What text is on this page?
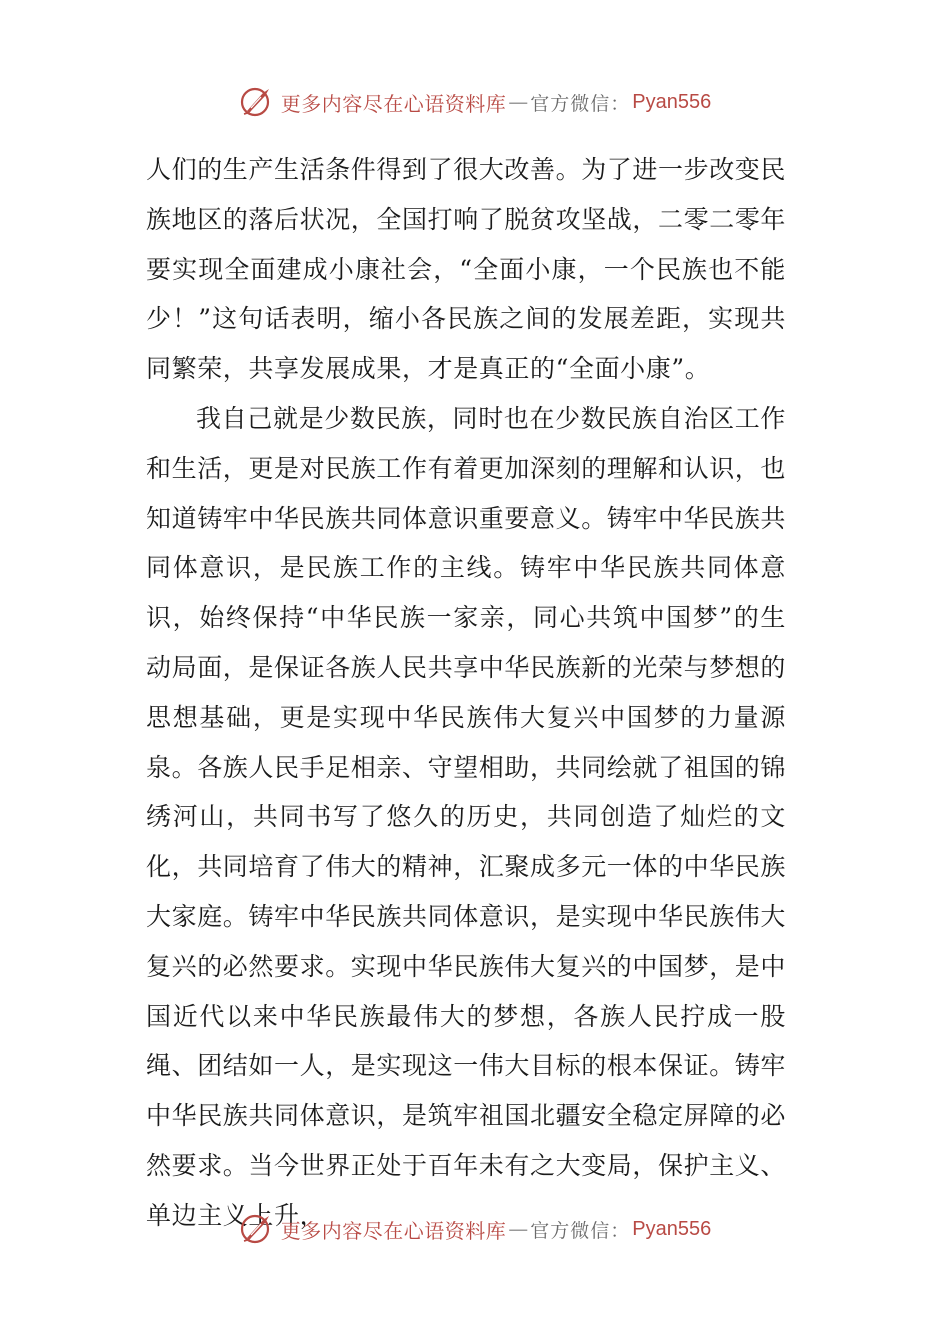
更多内容尽在心语资料库 — 官方微信： Pyan556

人们的生产生活条件得到了很大改善。为了进一步改变民族地区的落后状况，全国打响了脱贫攻坚战，二零二零年要实现全面建成小康社会，“全面小康，一个民族也不能少！”这句话表明，缩小各民族之间的发展差距，实现共同繁荣，共享发展成果，才是真正的“全面小康”。

我自己就是少数民族，同时也在少数民族自治区工作和生活，更是对民族工作有着更加深刻的理解和认识，也知道铸牢中华民族共同体意识重要意义。铸牢中华民族共同体意识，是民族工作的主线。铸牢中华民族共同体意识，始终保持“中华民族一家亲，同心共筑中国梦”的生动局面，是保证各族人民共享中华民族新的光荣与梦想的思想基础，更是实现中华民族伟大复兴中国梦的力量源泉。各族人民手足相亲、守望相助，共同绘就了祖国的锦绣河山，共同书写了悠久的历史，共同创造了灿烂的文化，共同培育了伟大的精神，汇聚成多元一体的中华民族大家庭。铸牢中华民族共同体意识，是实现中华民族伟大复兴的必然要求。实现中华民族伟大复兴的中国梦，是中国近代以来中华民族最伟大的梦想，各族人民拧成一股绳、团结如一人，是实现这一伟大目标的根本保证。铸牢中华民族共同体意识，是筑牢祖国北疆安全稳定屏障的必然要求。当今世界正处于百年未有之大变局，保护主义、单边主义上升，

更多内容尽在心语资料库 — 官方微信： Pyan556
